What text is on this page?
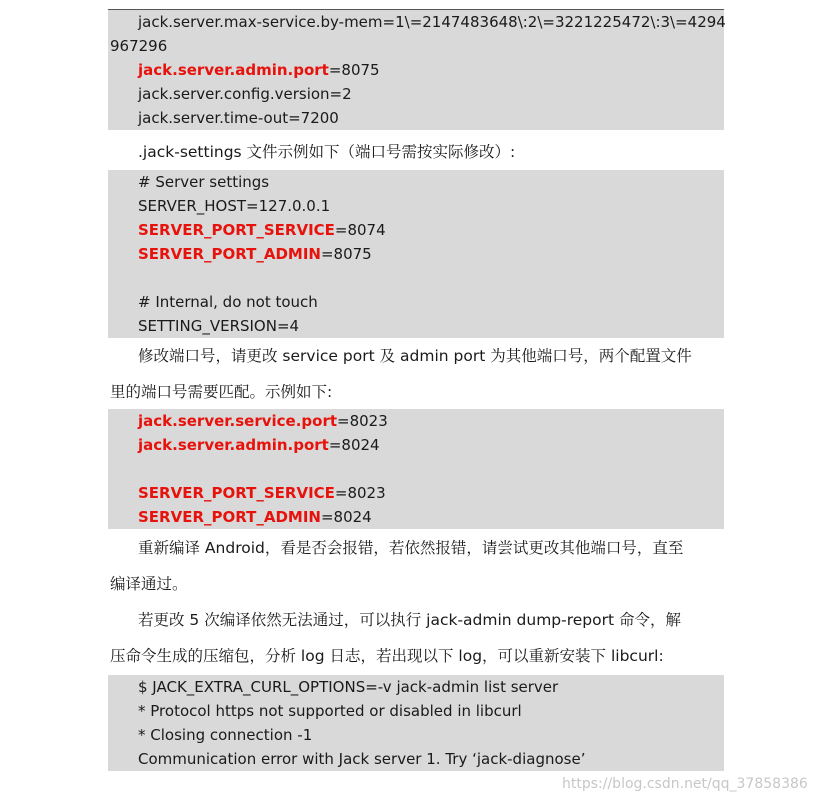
jack.server.max-service.by-mem=1\=2147483648\:2\=3221225472\:3\=4294
967296
jack.server.admin.port=8075
jack.server.config.version=2
jack.server.time-out=7200
.jack-settings 文件示例如下（端口号需按实际修改）:
# Server settings
SERVER_HOST=127.0.0.1
SERVER_PORT_SERVICE=8074
SERVER_PORT_ADMIN=8075
# Internal, do not touch
SETTING_VERSION=4
修改端口号，请更改 service port 及 admin port 为其他端口号，两个配置文件
里的端口号需要匹配。示例如下:
jack.server.service.port=8023
jack.server.admin.port=8024
SERVER_PORT_SERVICE=8023
SERVER_PORT_ADMIN=8024
重新编译 Android，看是否会报错，若依然报错，请尝试更改其他端口号，直至
编译通过。
若更改 5 次编译依然无法通过，可以执行 jack-admin dump-report 命令，解
压命令生成的压缩包，分析 log 日志，若出现以下 log，可以重新安装下 libcurl:
$ JACK_EXTRA_CURL_OPTIONS=-v jack-admin list server
* Protocol https not supported or disabled in libcurl
* Closing connection -1
Communication error with Jack server 1. Try ‘jack-diagnose’
https://blog.csdn.net/qq_37858386
